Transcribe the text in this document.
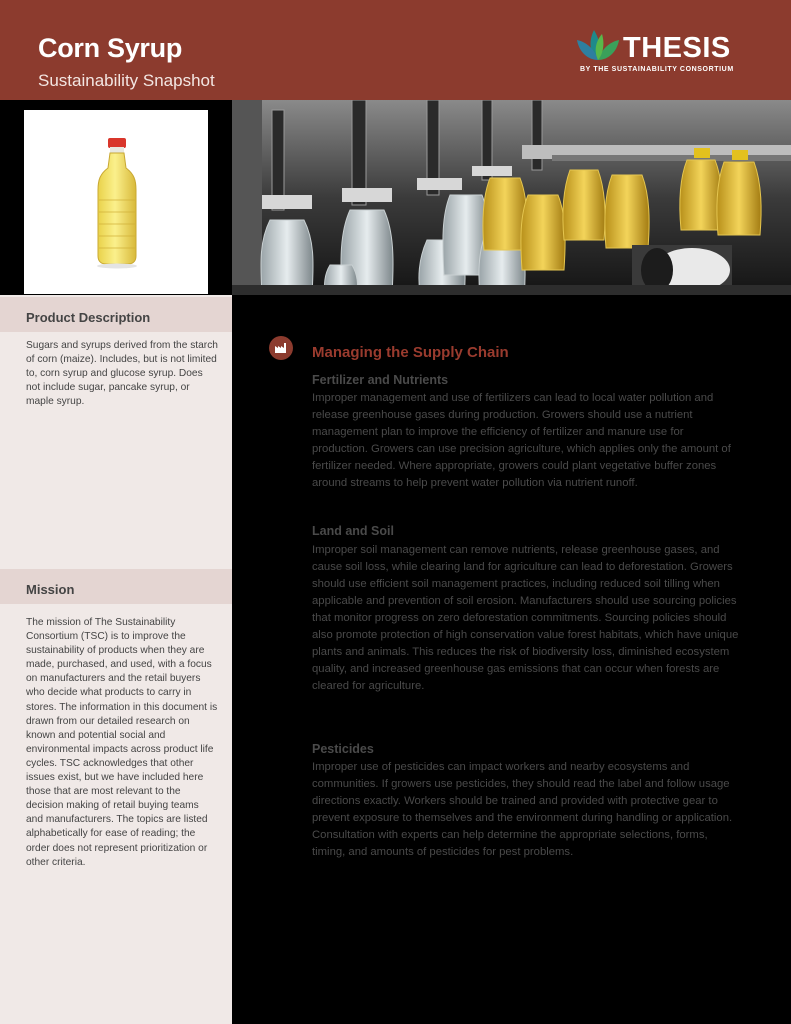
Corn Syrup
Sustainability Snapshot
THESIS
BY THE SUSTAINABILITY CONSORTIUM
Product Description
Sugars and syrups derived from the starch of corn (maize). Includes, but is not limited to, corn syrup and glucose syrup. Does not include sugar, pancake syrup, or maple syrup.
Mission
The mission of The Sustainability Consortium (TSC) is to improve the sustainability of products when they are made, purchased, and used, with a focus on manufacturers and the retail buyers who decide what products to carry in stores. The information in this document is drawn from our detailed research on known and potential social and environmental impacts across product life cycles. TSC acknowledges that other issues exist, but we have included here those that are most relevant to the decision making of retail buying teams and manufacturers. The topics are listed alphabetically for ease of reading; the order does not represent prioritization or other criteria.
Managing the Supply Chain
Fertilizer and Nutrients
Improper management and use of fertilizers can lead to local water pollution and release greenhouse gases during production. Growers should use a nutrient management plan to improve the efficiency of fertilizer and manure use for production. Growers can use precision agriculture, which applies only the amount of fertilizer needed. Where appropriate, growers could plant vegetative buffer zones around streams to help prevent water pollution via nutrient runoff.
Land and Soil
Improper soil management can remove nutrients, release greenhouse gases, and cause soil loss, while clearing land for agriculture can lead to deforestation. Growers should use efficient soil management practices, including reduced soil tilling when applicable and prevention of soil erosion. Manufacturers should use sourcing policies that monitor progress on zero deforestation commitments. Sourcing policies should also promote protection of high conservation value forest habitats, which have unique plants and animals. This reduces the risk of biodiversity loss, diminished ecosystem quality, and increased greenhouse gas emissions that can occur when forests are cleared for agriculture.
Pesticides
Improper use of pesticides can impact workers and nearby ecosystems and communities. If growers use pesticides, they should read the label and follow usage directions exactly. Workers should be trained and provided with protective gear to prevent exposure to themselves and the environment during handling or application. Consultation with experts can help determine the appropriate selections, forms, timing, and amounts of pesticides for pest problems.
